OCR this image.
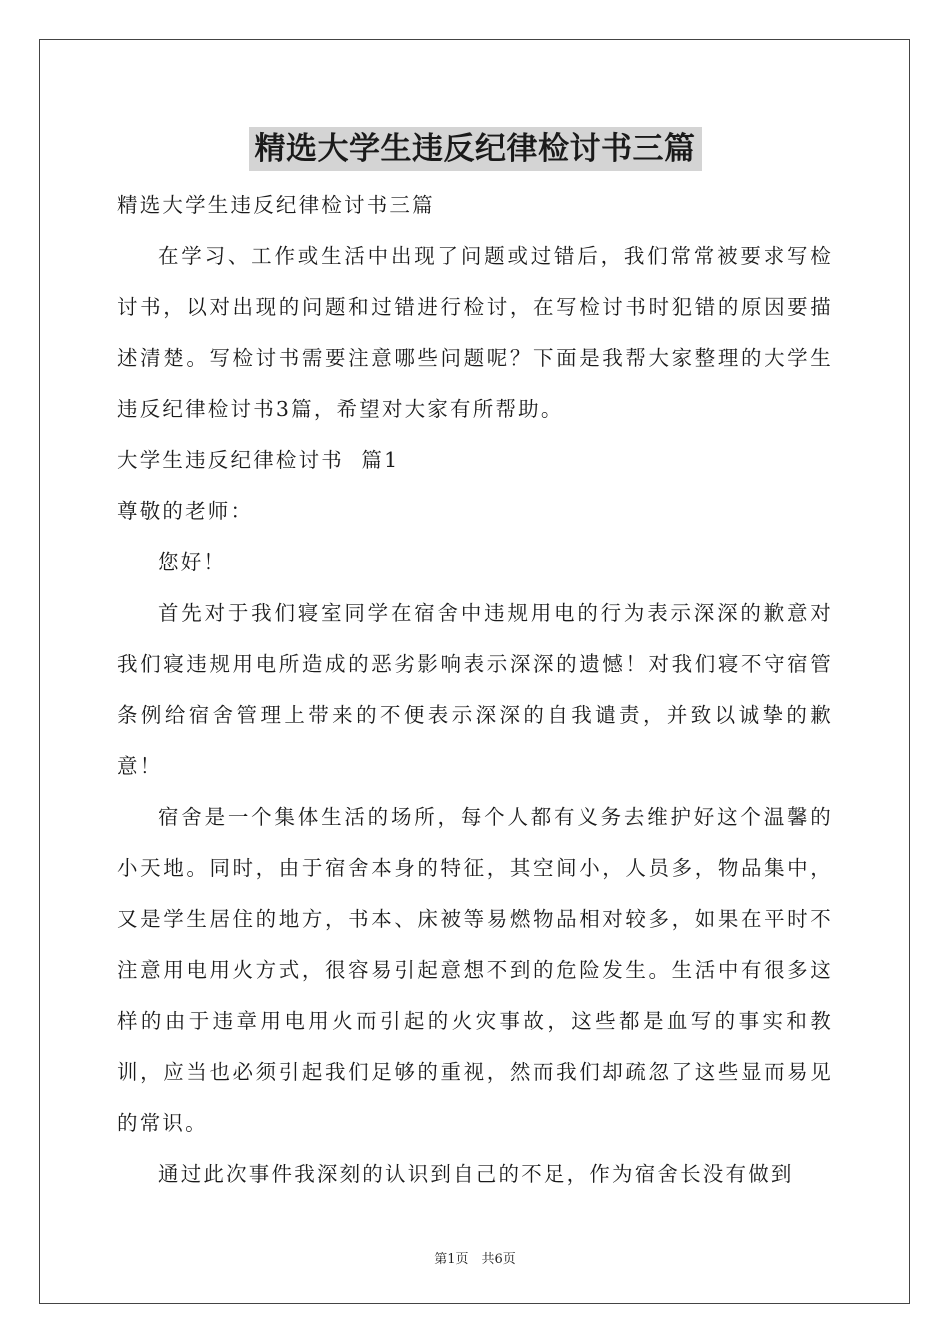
精选大学生违反纪律检讨书三篇

精选大学生违反纪律检讨书三篇

在学习、工作或生活中出现了问题或过错后，我们常常被要求写检讨书，以对出现的问题和过错进行检讨，在写检讨书时犯错的原因要描述清楚。写检讨书需要注意哪些问题呢？下面是我帮大家整理的大学生违反纪律检讨书3篇，希望对大家有所帮助。

大学生违反纪律检讨书  篇1

尊敬的老师：

您好！

首先对于我们寝室同学在宿舍中违规用电的行为表示深深的歉意对我们寝违规用电所造成的恶劣影响表示深深的遗憾！对我们寝不守宿管条例给宿舍管理上带来的不便表示深深的自我谴责，并致以诚挚的歉意！

宿舍是一个集体生活的场所，每个人都有义务去维护好这个温馨的小天地。同时，由于宿舍本身的特征，其空间小，人员多，物品集中，又是学生居住的地方，书本、床被等易燃物品相对较多，如果在平时不注意用电用火方式，很容易引起意想不到的危险发生。生活中有很多这样的由于违章用电用火而引起的火灾事故，这些都是血写的事实和教训，应当也必须引起我们足够的重视，然而我们却疏忽了这些显而易见的常识。

通过此次事件我深刻的认识到自己的不足，作为宿舍长没有做到

第1页　共6页
